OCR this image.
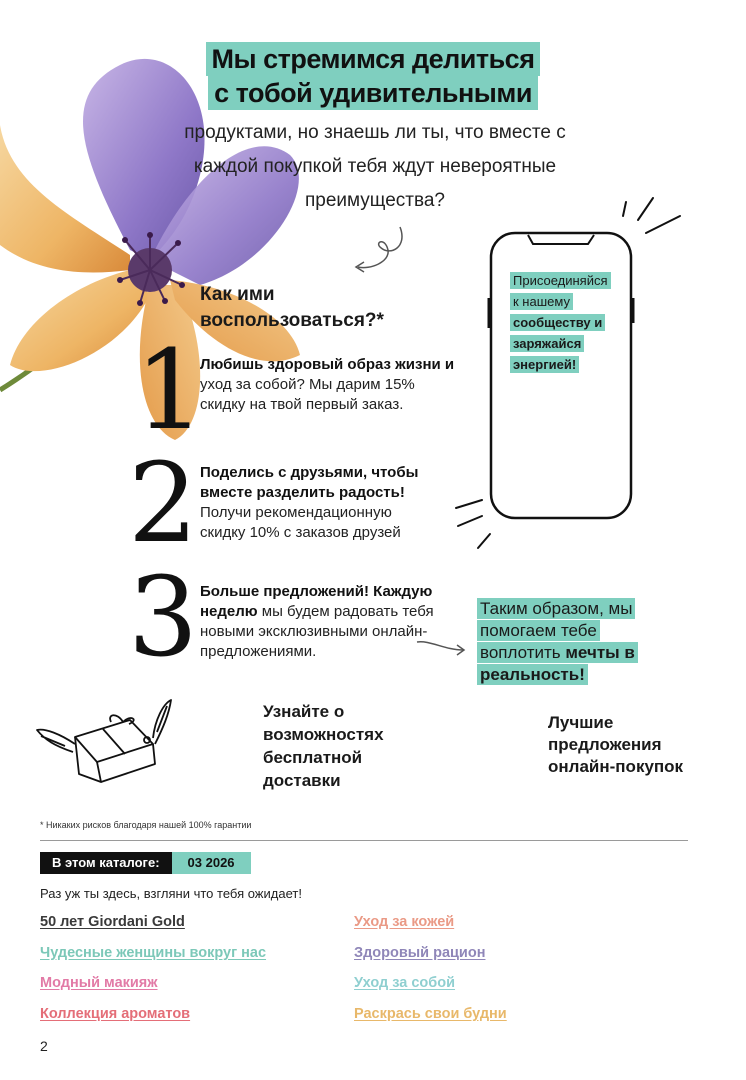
Мы стремимся делиться
с тобой удивительными
продуктами, но знаешь ли ты, что вместе с каждой покупкой тебя ждут невероятные преимущества?
Как ими воспользоваться?*
1
Любишь здоровый образ жизни и уход за собой? Мы дарим 15% скидку на твой первый заказ.
2 Поделись с друзьями, чтобы вместе разделить радость! Получи рекомендационную скидку 10% с заказов друзей
3 Больше предложений! Каждую неделю мы будем радовать тебя новыми эксклюзивными онлайн-предложениями.
Присоединяйся
к нашему
сообществу и
заряжайся
энергией!
Таким образом, мы
помогаем тебе
воплотить мечты в
реальность!
Узнайте о возможностях бесплатной доставки
Лучшие предложения онлайн-покупок
* Никаких рисков благодаря нашей 100% гарантии
В этом каталоге:	03 2026
Раз уж ты здесь, взгляни что тебя ожидает!
50 лет Giordani Gold
Чудесные женщины вокруг нас
Модный макияж
Коллекция ароматов
Уход за кожей
Здоровый рацион
Уход за собой
Раскрась свои будни
2
